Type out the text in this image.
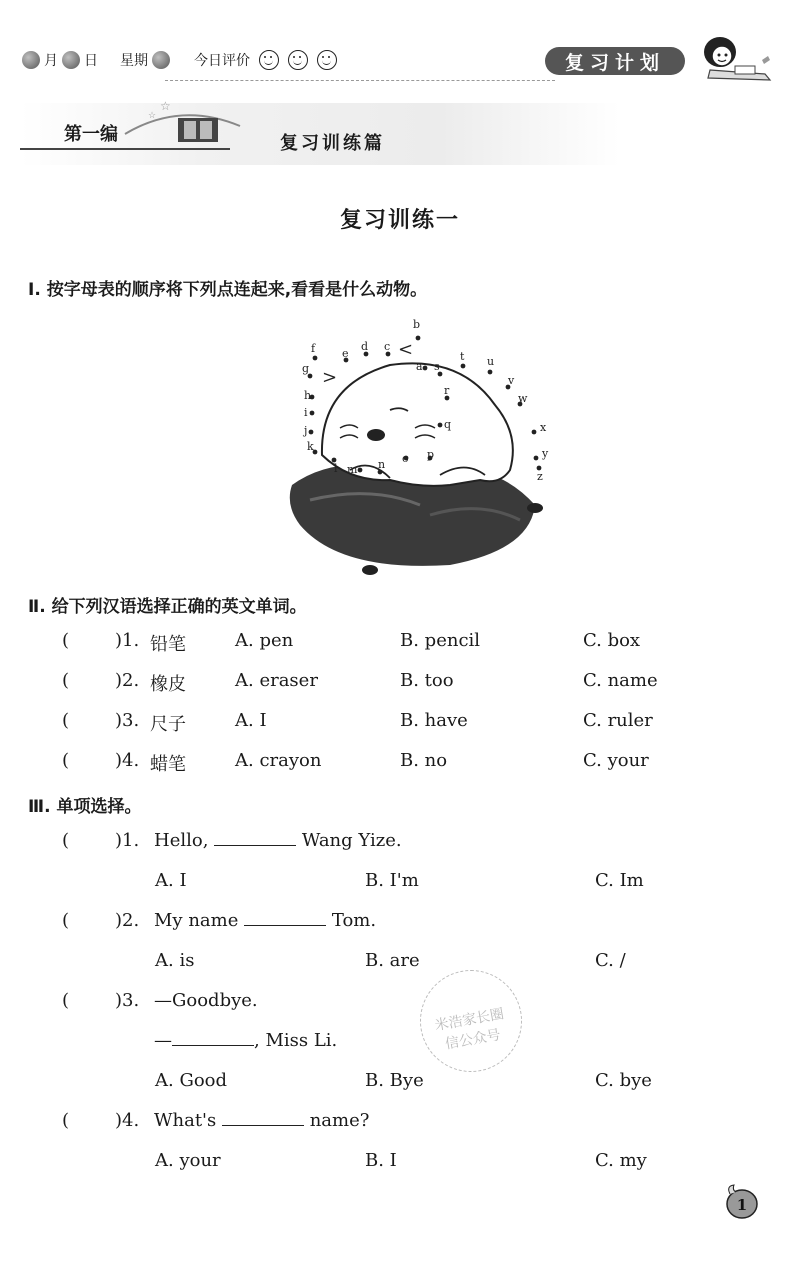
月 日 星期	今日评价	复习计划
☆
☆
第一编	复习训练篇
复习训练一
Ⅰ. 按字母表的顺序将下列点连起来,看看是什么动物。
<
>
a
b
c
d
e
f
g
h
i
j
k
l m n o p
q
r
s
t u
v
w
x
y
z
Ⅱ. 给下列汉语选择正确的英文单词。
(	)1. 铅笔	A. pen	B. pencil	C. box
(	)2. 橡皮	A. eraser	B. too	C. name
(	)3. 尺子	A. I	B. have	C. ruler
(	)4. 蜡笔	A. crayon	B. no	C. your
Ⅲ. 单项选择。
(	)1. Hello,	Wang Yize.
A. I	B. I'm	C. Im
(	)2. My name	Tom.
A. is	B. are	C. /
(	)3. —Goodbye.
—	, Miss Li.
A. Good	B. Bye	C. bye
(	)4. What's	name?
A. your	B. I	C. my
米浩家长圈 信公众号
1
